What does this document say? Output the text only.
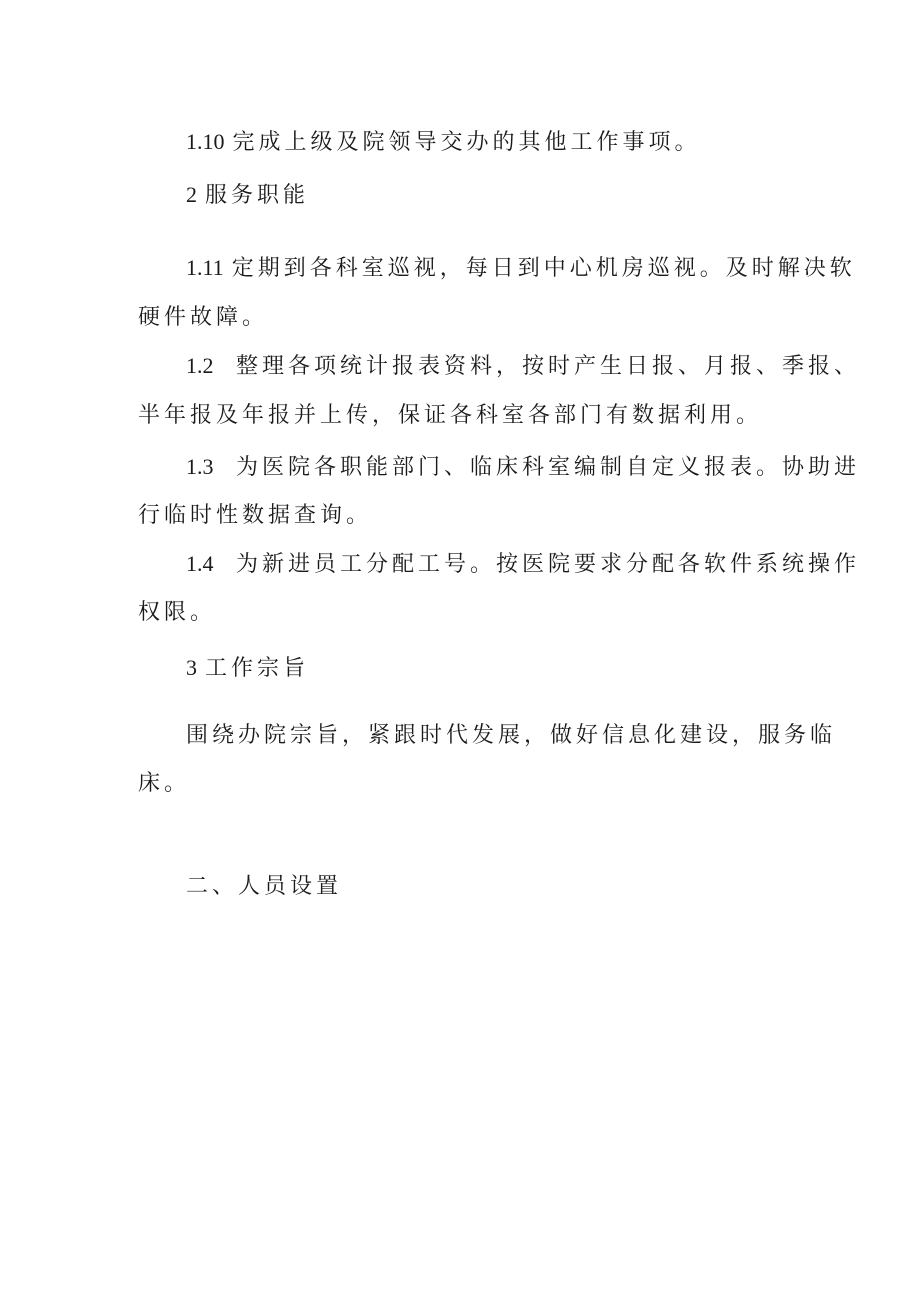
1.10 完成上级及院领导交办的其他工作事项。
2 服务职能
1.11 定期到各科室巡视，每日到中心机房巡视。及时解决软
硬件故障。
1.2 整理各项统计报表资料，按时产生日报、月报、季报、
半年报及年报并上传，保证各科室各部门有数据利用。
1.3 为医院各职能部门、临床科室编制自定义报表。协助进
行临时性数据查询。
1.4 为新进员工分配工号。按医院要求分配各软件系统操作
权限。
3 工作宗旨
围绕办院宗旨，紧跟时代发展，做好信息化建设，服务临
床。
二、人员设置
